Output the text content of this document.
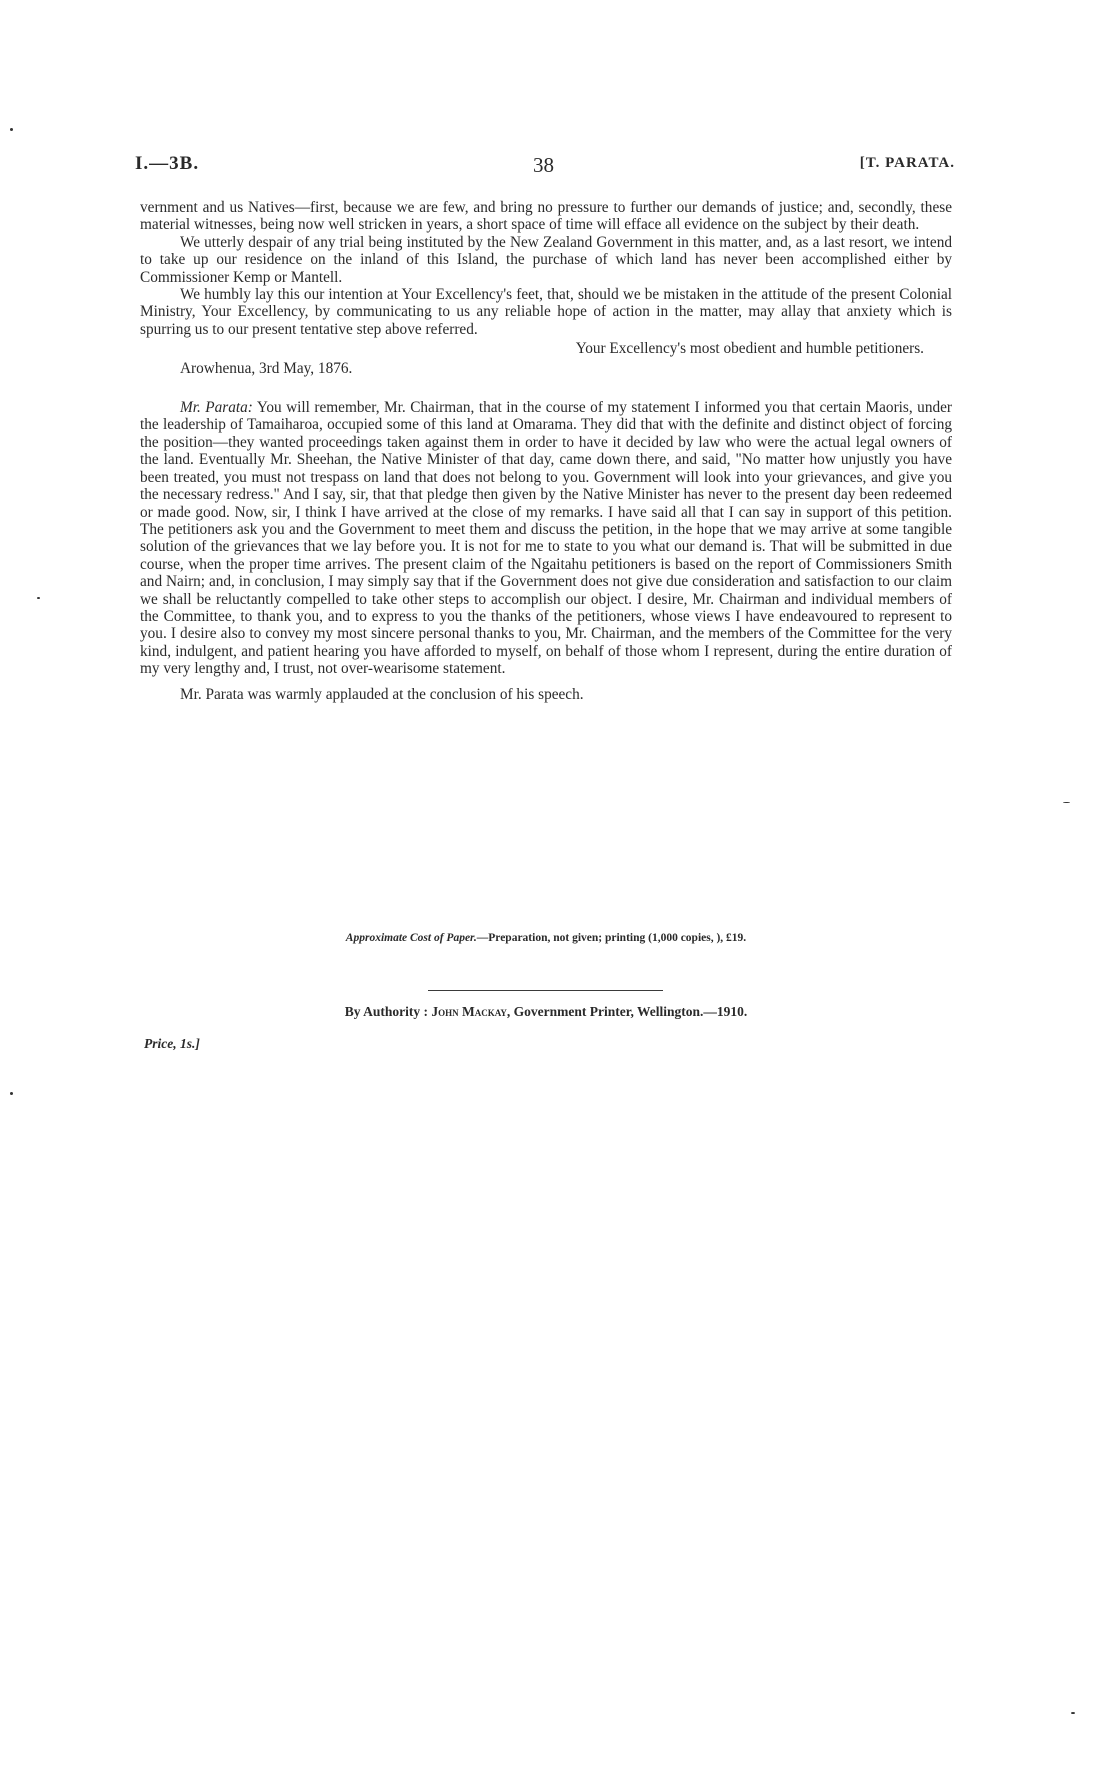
I.—3B.	38	[T. PARATA.

vernment and us Natives—first, because we are few, and bring no pressure to further our demands of justice; and, secondly, these material witnesses, being now well stricken in years, a short space of time will efface all evidence on the subject by their death.

We utterly despair of any trial being instituted by the New Zealand Government in this matter, and, as a last resort, we intend to take up our residence on the inland of this Island, the purchase of which land has never been accomplished either by Commissioner Kemp or Mantell.

We humbly lay this our intention at Your Excellency's feet, that, should we be mistaken in the attitude of the present Colonial Ministry, Your Excellency, by communicating to us any reliable hope of action in the matter, may allay that anxiety which is spurring us to our present tentative step above referred.

Your Excellency's most obedient and humble petitioners.

Arowhenua, 3rd May, 1876.

Mr. Parata: You will remember, Mr. Chairman, that in the course of my statement I informed you that certain Maoris, under the leadership of Tamaiharoa, occupied some of this land at Omarama. They did that with the definite and distinct object of forcing the position—they wanted proceedings taken against them in order to have it decided by law who were the actual legal owners of the land. Eventually Mr. Sheehan, the Native Minister of that day, came down there, and said, "No matter how unjustly you have been treated, you must not trespass on land that does not belong to you. Government will look into your grievances, and give you the necessary redress." And I say, sir, that that pledge then given by the Native Minister has never to the present day been redeemed or made good. Now, sir, I think I have arrived at the close of my remarks. I have said all that I can say in support of this petition. The petitioners ask you and the Government to meet them and discuss the petition, in the hope that we may arrive at some tangible solution of the grievances that we lay before you. It is not for me to state to you what our demand is. That will be submitted in due course, when the proper time arrives. The present claim of the Ngaitahu petitioners is based on the report of Commissioners Smith and Nairn; and, in conclusion, I may simply say that if the Government does not give due consideration and satisfaction to our claim we shall be reluctantly compelled to take other steps to accomplish our object. I desire, Mr. Chairman and individual members of the Committee, to thank you, and to express to you the thanks of the petitioners, whose views I have endeavoured to represent to you. I desire also to convey my most sincere personal thanks to you, Mr. Chairman, and the members of the Committee for the very kind, indulgent, and patient hearing you have afforded to myself, on behalf of those whom I represent, during the entire duration of my very lengthy and, I trust, not over-wearisome statement.

Mr. Parata was warmly applauded at the conclusion of his speech.

Approximate Cost of Paper.—Preparation, not given; printing (1,000 copies, ), £19.
By Authority : John Mackay, Government Printer, Wellington.—1910.
Price, 1s.]
